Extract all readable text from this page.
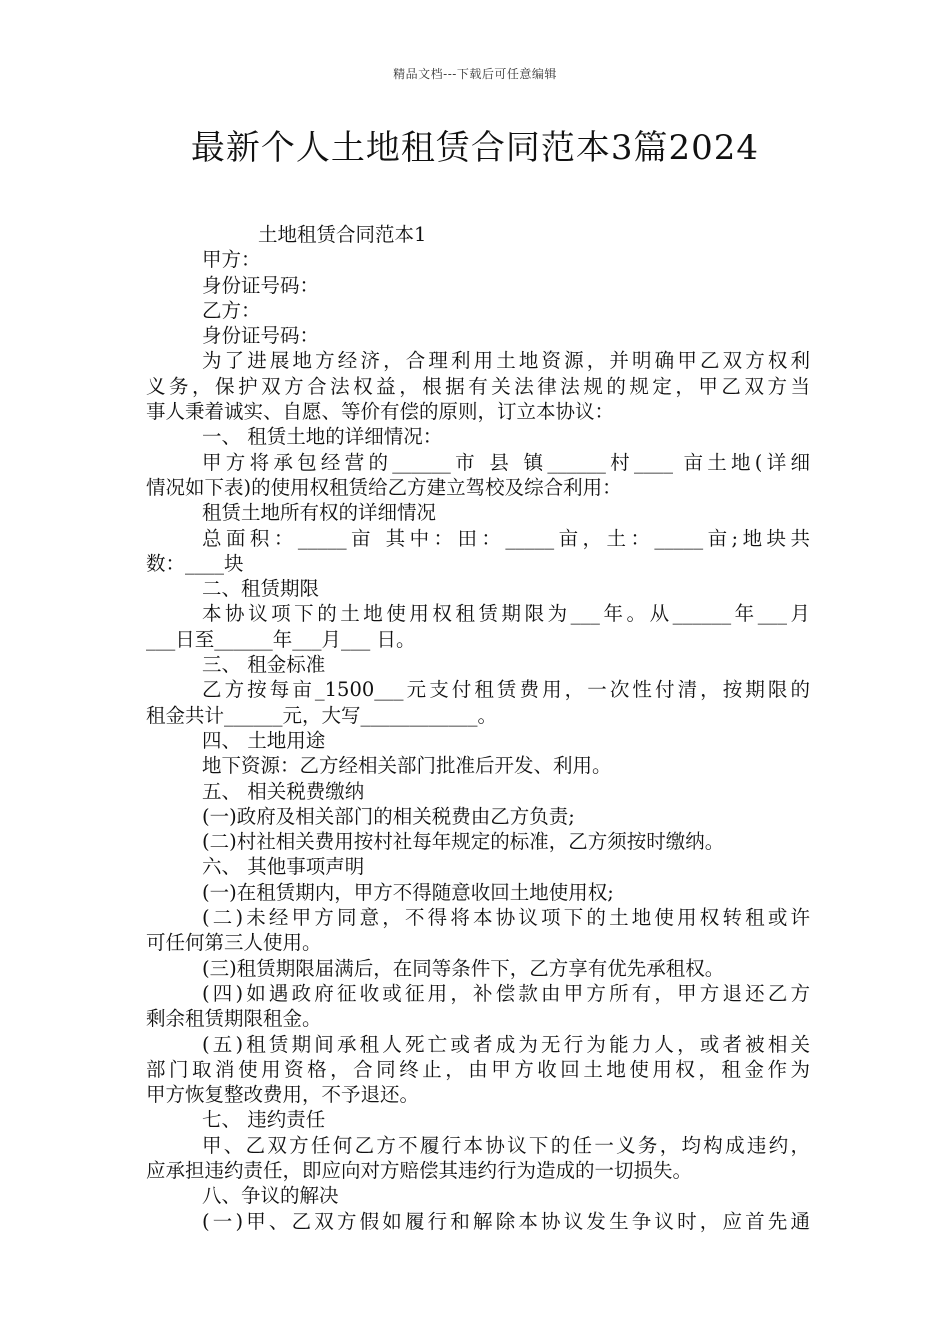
精品文档---下载后可任意编辑
最新个人土地租赁合同范本3篇2024

土地租赁合同范本1

甲方：

身份证号码：

乙方：

身份证号码：

为了进展地方经济，合理利用土地资源，并明确甲乙双方权利

义务，保护双方合法权益，根据有关法律法规的规定，甲乙双方当

事人秉着诚实、自愿、等价有偿的原则，订立本协议：

一、 租赁土地的详细情况：

甲方将承包经营的______市 县 镇______村____ 亩土地(详细

情况如下表)的使用权租赁给乙方建立驾校及综合利用：

租赁土地所有权的详细情况

总面积：_____亩 其中：田：_____亩，土：_____亩;地块共

数：____块

二、租赁期限

本协议项下的土地使用权租赁期限为___年。从______年___月

___日至______年___月___ 日。

三、 租金标准

乙方按每亩_1500___元支付租赁费用，一次性付清，按期限的

租金共计______元，大写____________。

四、 土地用途

地下资源：乙方经相关部门批准后开发、利用。

五、 相关税费缴纳

(一)政府及相关部门的相关税费由乙方负责;

(二)村社相关费用按村社每年规定的标准，乙方须按时缴纳。

六、 其他事项声明

(一)在租赁期内，甲方不得随意收回土地使用权;

(二)未经甲方同意，不得将本协议项下的土地使用权转租或许

可任何第三人使用。

(三)租赁期限届满后，在同等条件下，乙方享有优先承租权。

(四)如遇政府征收或征用，补偿款由甲方所有，甲方退还乙方

剩余租赁期限租金。

(五)租赁期间承租人死亡或者成为无行为能力人，或者被相关

部门取消使用资格，合同终止，由甲方收回土地使用权，租金作为

甲方恢复整改费用，不予退还。

七、 违约责任

甲、乙双方任何乙方不履行本协议下的任一义务，均构成违约，

应承担违约责任，即应向对方赔偿其违约行为造成的一切损失。

八、争议的解决

(一)甲、乙双方假如履行和解除本协议发生争议时，应首先通
